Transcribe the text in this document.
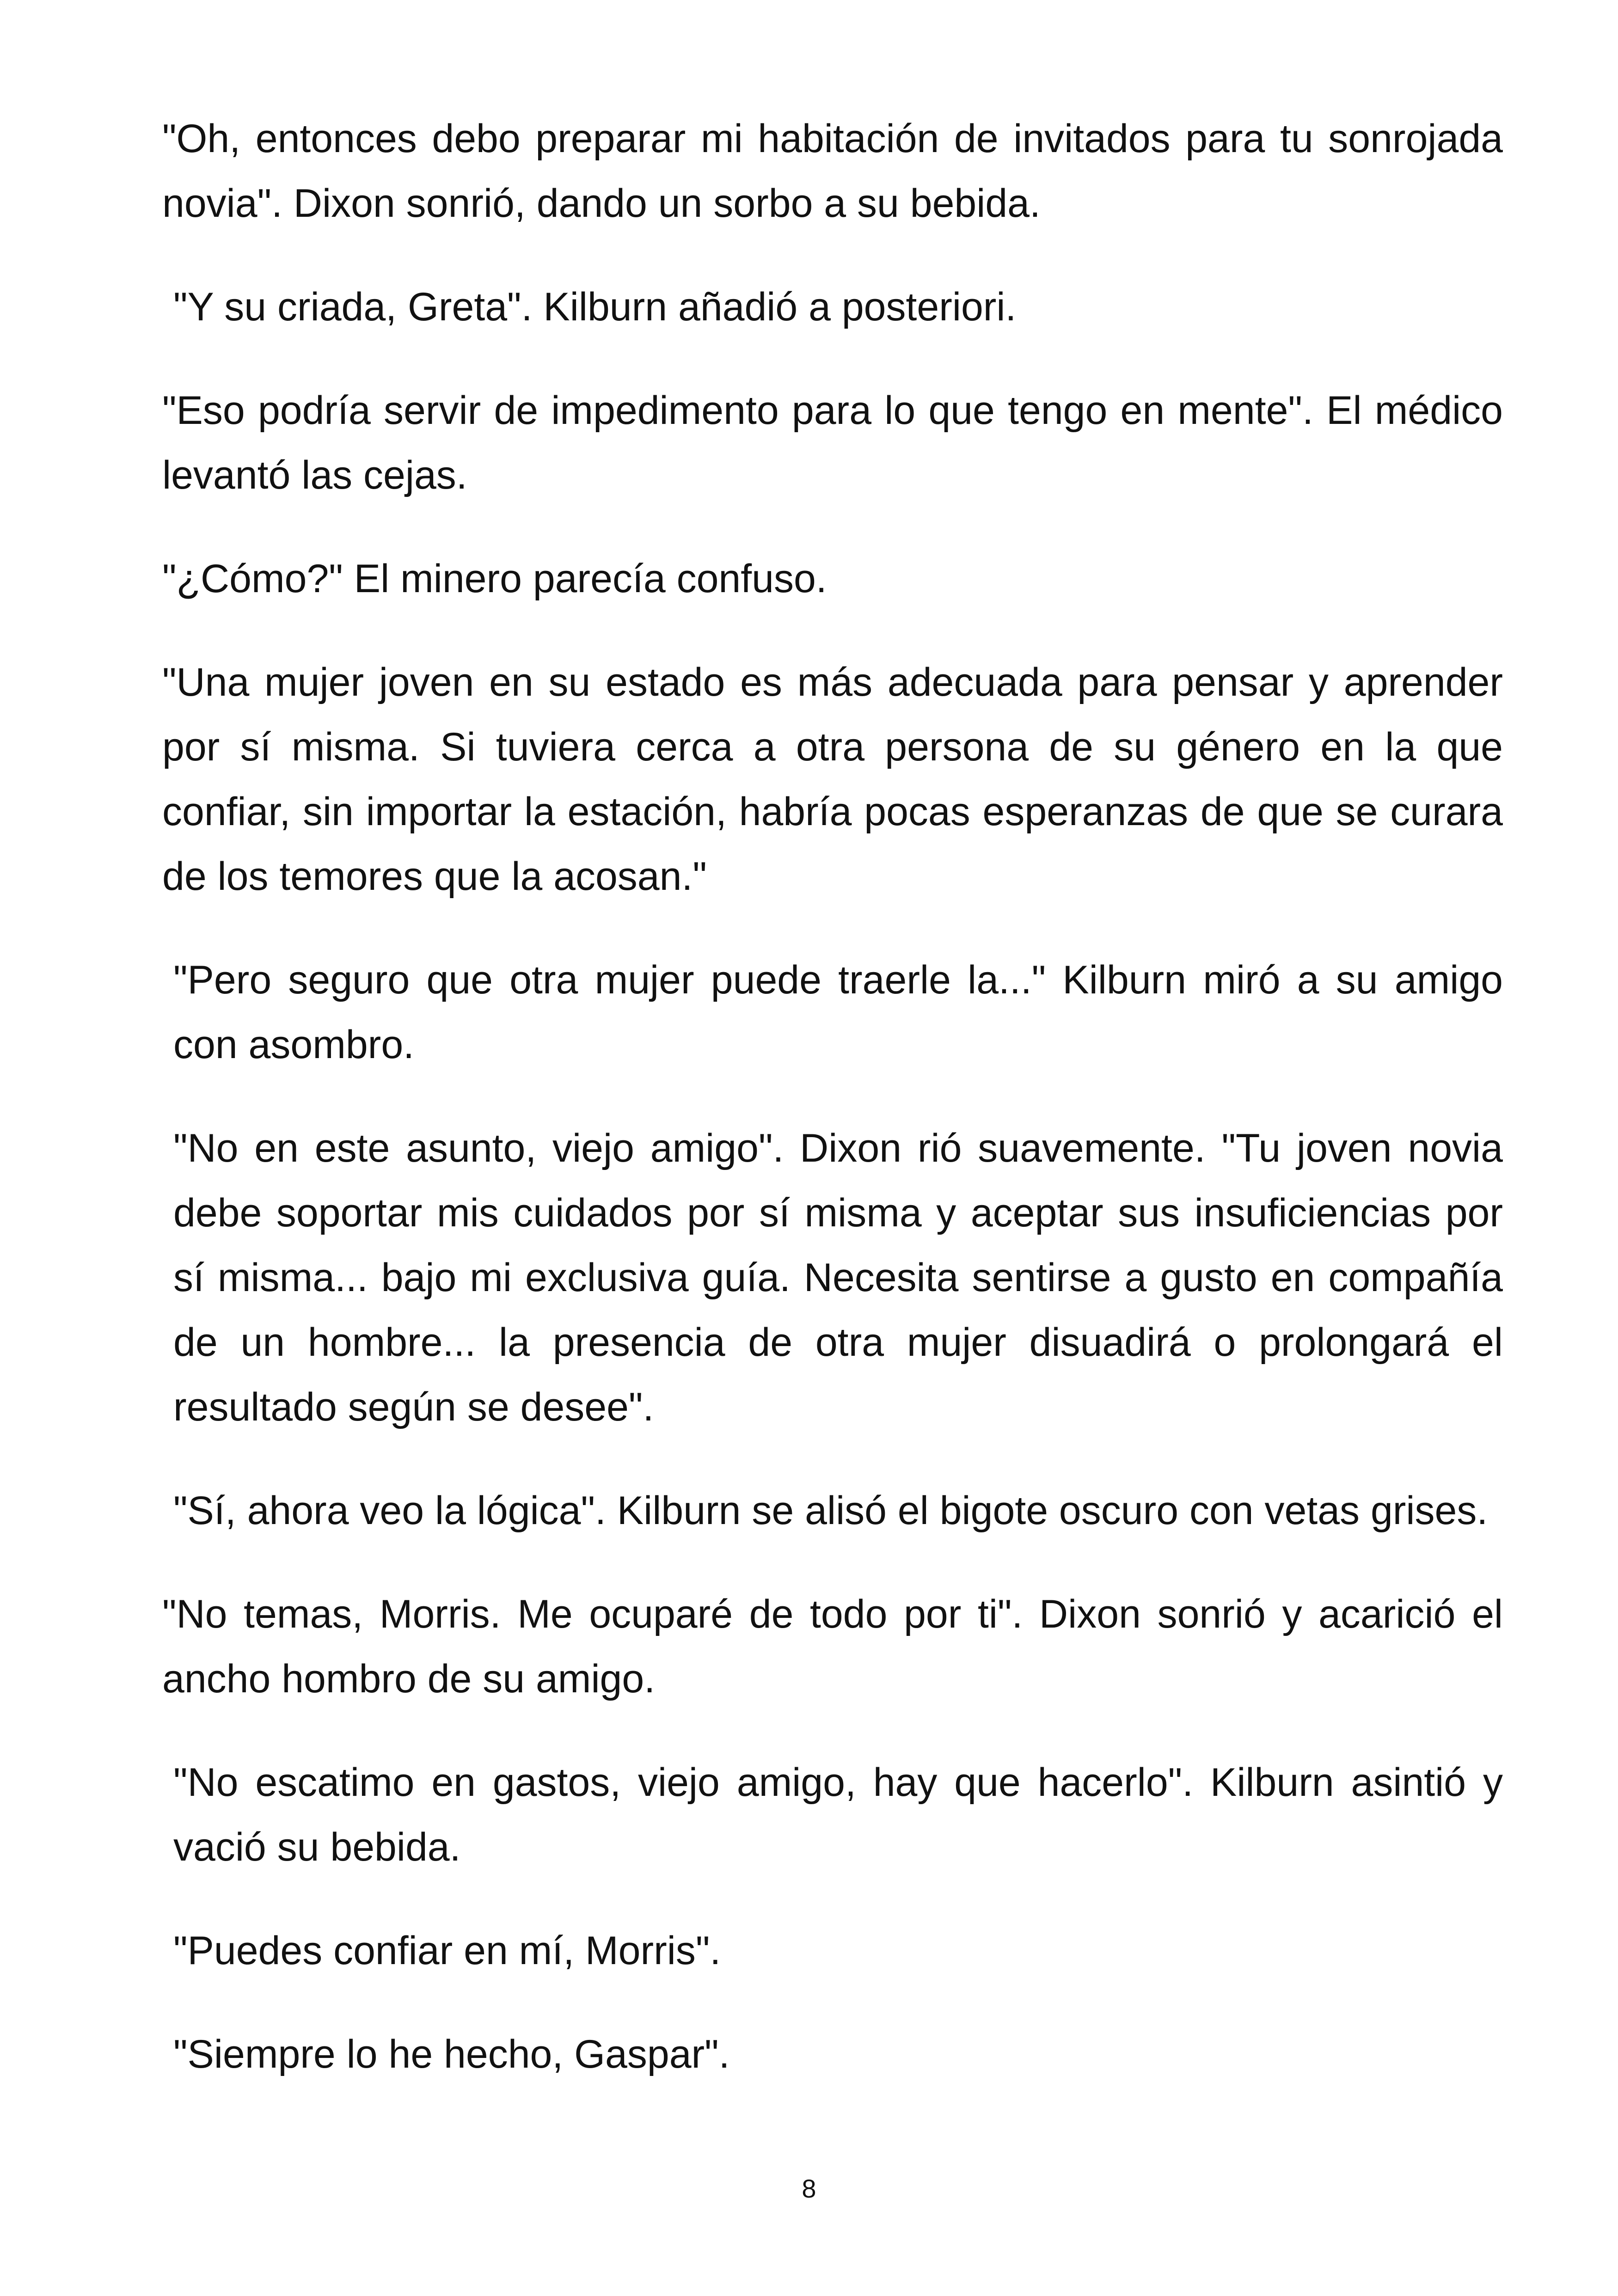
"Oh, entonces debo preparar mi habitación de invitados para tu sonrojada novia". Dixon sonrió, dando un sorbo a su bebida.

"Y su criada, Greta". Kilburn añadió a posteriori.

"Eso podría servir de impedimento para lo que tengo en mente". El médico levantó las cejas.

"¿Cómo?" El minero parecía confuso.

"Una mujer joven en su estado es más adecuada para pensar y aprender por sí misma. Si tuviera cerca a otra persona de su género en la que confiar, sin importar la estación, habría pocas esperanzas de que se curara de los temores que la acosan."

"Pero seguro que otra mujer puede traerle la..." Kilburn miró a su amigo con asombro.

"No en este asunto, viejo amigo". Dixon rió suavemente. "Tu joven novia debe soportar mis cuidados por sí misma y aceptar sus insuficiencias por sí misma... bajo mi exclusiva guía. Necesita sentirse a gusto en compañía de un hombre... la presencia de otra mujer disuadirá o prolongará el resultado según se desee".

"Sí, ahora veo la lógica". Kilburn se alisó el bigote oscuro con vetas grises.

"No temas, Morris. Me ocuparé de todo por ti". Dixon sonrió y acarició el ancho hombro de su amigo.

"No escatimo en gastos, viejo amigo, hay que hacerlo". Kilburn asintió y vació su bebida.

"Puedes confiar en mí, Morris".

"Siempre lo he hecho, Gaspar".

8
